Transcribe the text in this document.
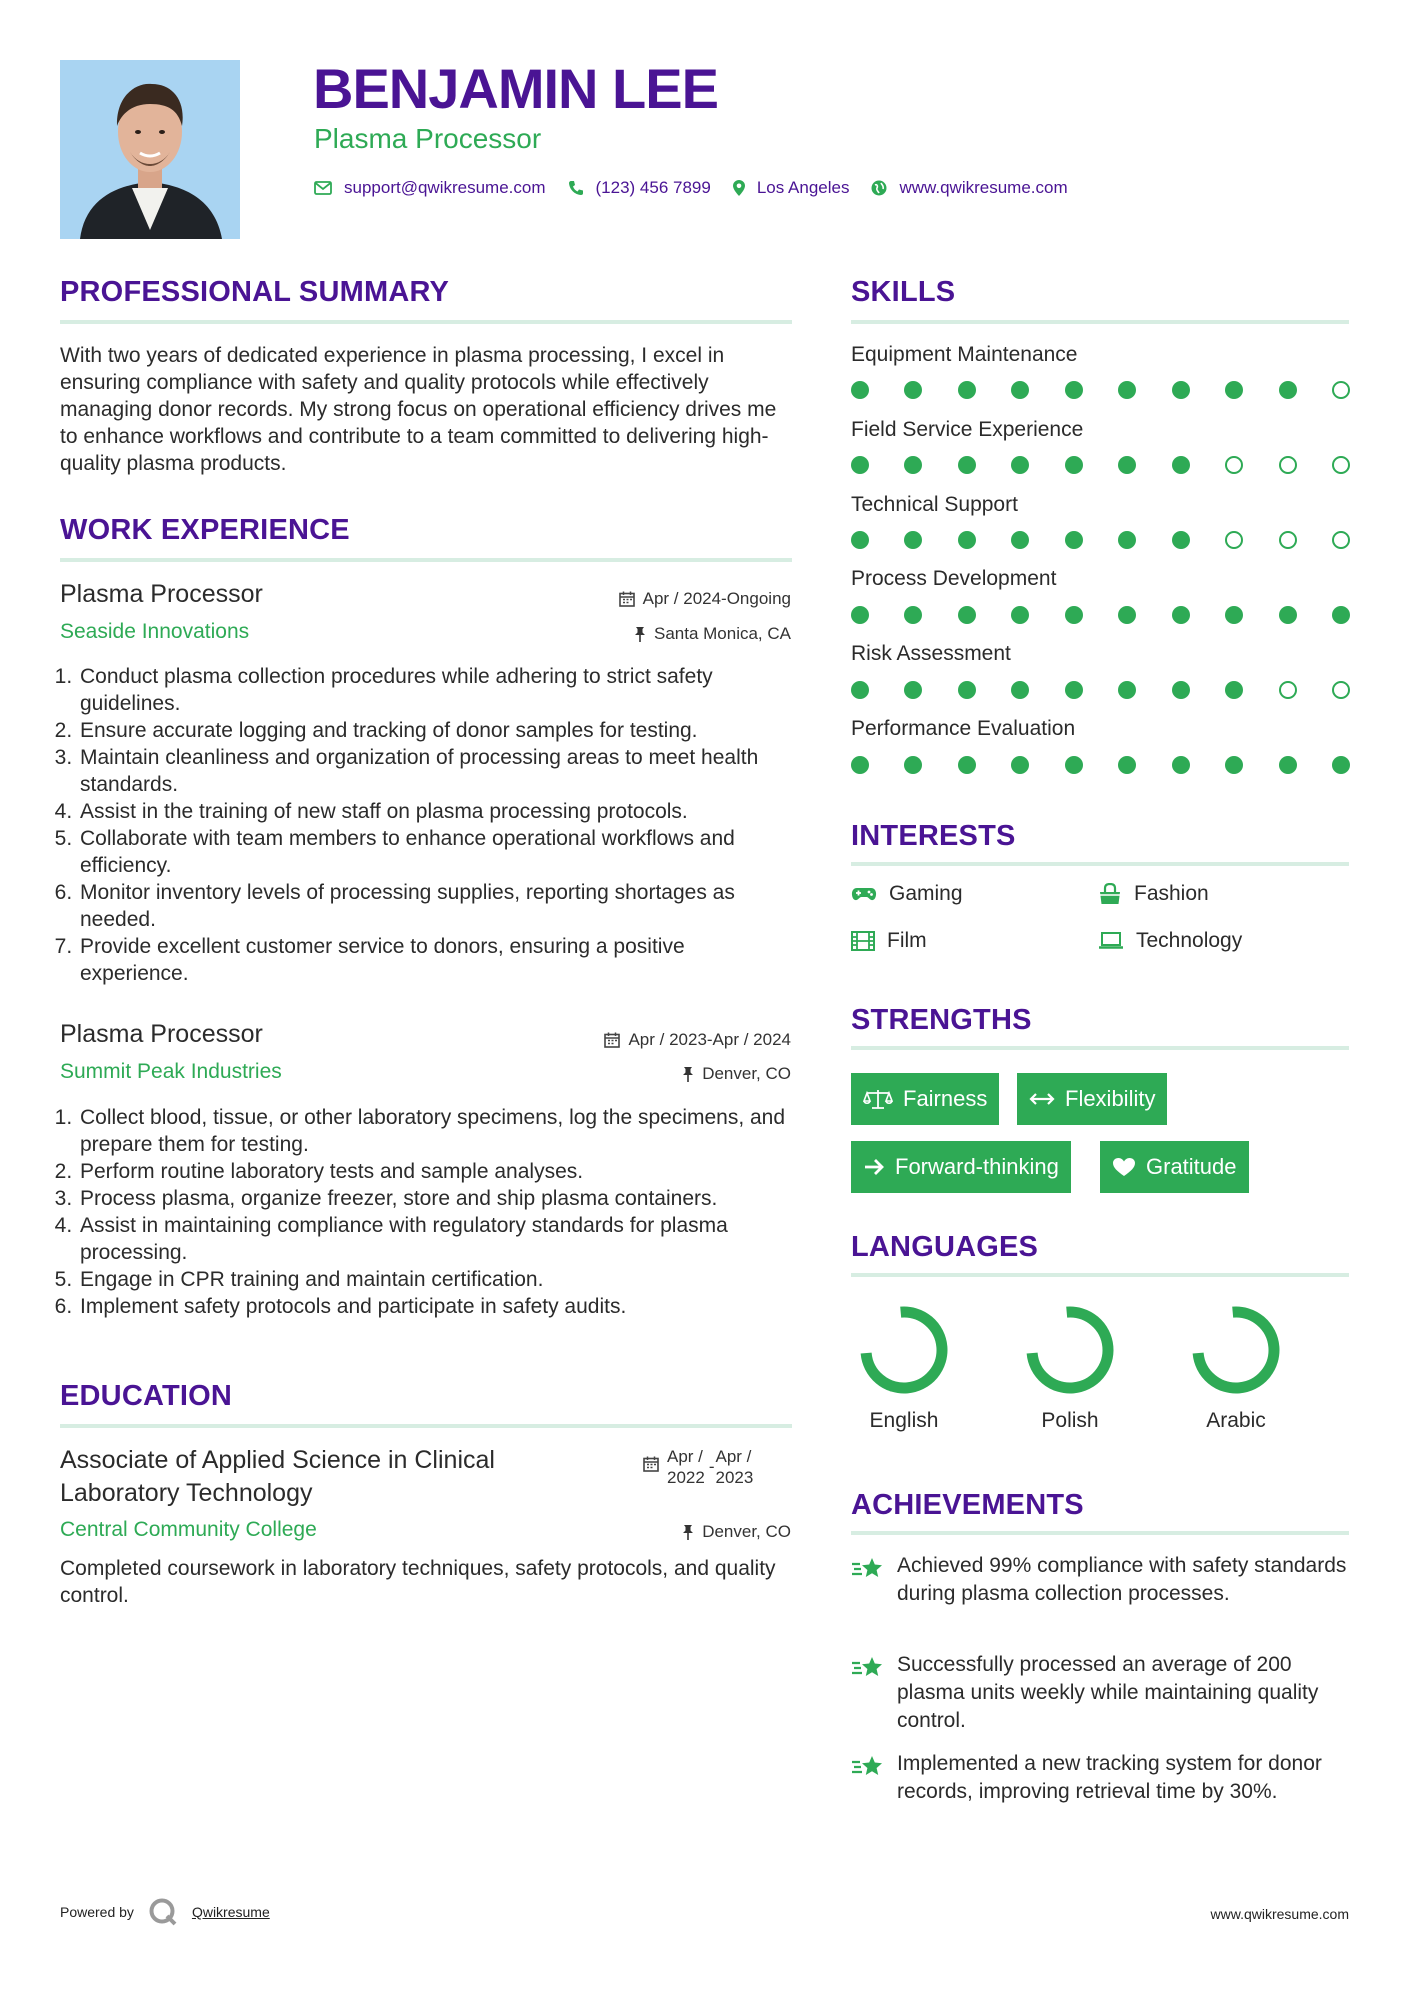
BENJAMIN LEE
Plasma Processor
support@qwikresume.com	(123) 456 7899	Los Angeles	www.qwikresume.com
PROFESSIONAL SUMMARY
With two years of dedicated experience in plasma processing, I excel in ensuring compliance with safety and quality protocols while effectively managing donor records. My strong focus on operational efficiency drives me to enhance workflows and contribute to a team committed to delivering high-quality plasma products.
WORK EXPERIENCE
Plasma Processor	Apr / 2024-Ongoing
Seaside Innovations	Santa Monica, CA
1. Conduct plasma collection procedures while adhering to strict safety guidelines.
2. Ensure accurate logging and tracking of donor samples for testing.
3. Maintain cleanliness and organization of processing areas to meet health standards.
4. Assist in the training of new staff on plasma processing protocols.
5. Collaborate with team members to enhance operational workflows and efficiency.
6. Monitor inventory levels of processing supplies, reporting shortages as needed.
7. Provide excellent customer service to donors, ensuring a positive experience.
Plasma Processor	Apr / 2023-Apr / 2024
Summit Peak Industries	Denver, CO
1. Collect blood, tissue, or other laboratory specimens, log the specimens, and prepare them for testing.
2. Perform routine laboratory tests and sample analyses.
3. Process plasma, organize freezer, store and ship plasma containers.
4. Assist in maintaining compliance with regulatory standards for plasma processing.
5. Engage in CPR training and maintain certification.
6. Implement safety protocols and participate in safety audits.
EDUCATION
Associate of Applied Science in Clinical Laboratory Technology
Apr /
2022
-
Apr /
2023
Central Community College	Denver, CO
Completed coursework in laboratory techniques, safety protocols, and quality control.
SKILLS
Equipment Maintenance
Field Service Experience
Technical Support
Process Development
Risk Assessment
Performance Evaluation
INTERESTS
Gaming	Fashion
Film	Technology
STRENGTHS
Fairness	Flexibility
Forward-thinking	Gratitude
LANGUAGES
English	Polish	Arabic
ACHIEVEMENTS
Achieved 99% compliance with safety standards during plasma collection processes.
Successfully processed an average of 200 plasma units weekly while maintaining quality control.
Implemented a new tracking system for donor records, improving retrieval time by 30%.
Powered by	Qwikresume	www.qwikresume.com
